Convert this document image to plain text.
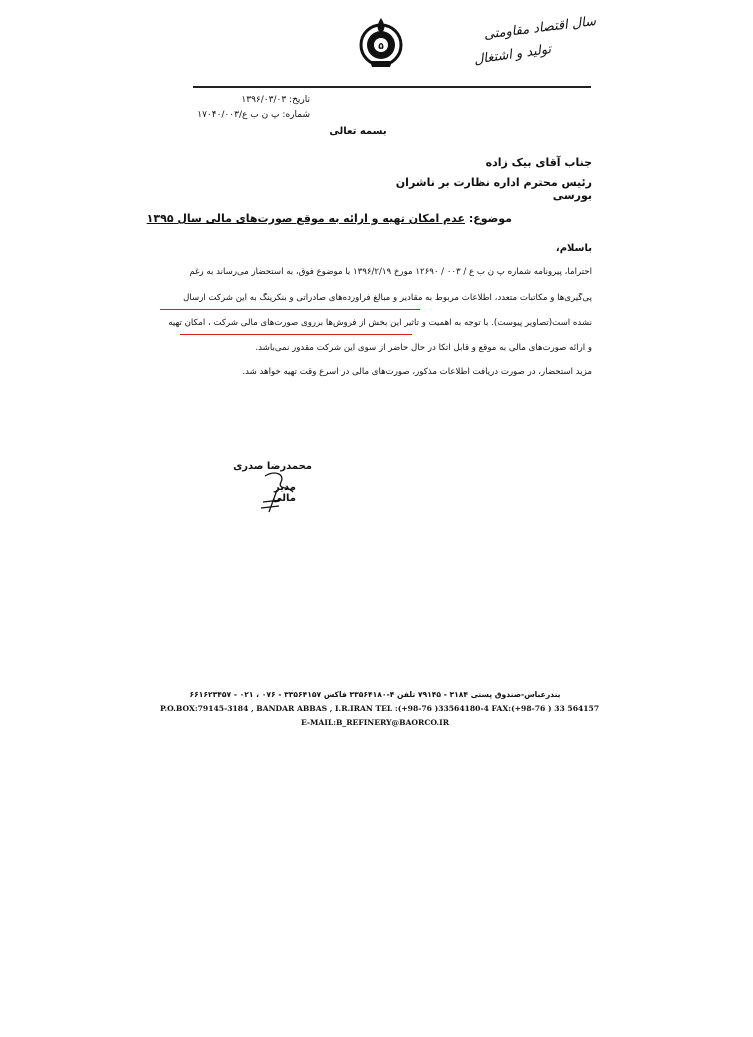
سال اقتصاد مقاومتی
تولید و اشتغال
۵
تاریخ: ۱۳۹۶/۰۳/۰۳
شماره: پ ن ب ع/۱۷۰۴۰/۰۰۳
بسمه تعالی
جناب آقای بیک زاده
رئیس محترم اداره نظارت بر ناشران بورسی
موضوع: عدم امکان تهیه و ارائه به موقع صورت‌های مالی سال ۱۳۹۵
باسلام،
احتراماً، پیرونامه شماره پ ن ب ع / ۰۰۳ / ۱۲۶۹۰ مورخ ۱۳۹۶/۲/۱۹ با موضوع فوق، به استحضار می‌رساند به رغم
پی‌گیری‌ها و مکاتبات متعدد، اطلاعات مربوط به مقادیر و مبالغ فرآورده‌های صادراتی و بنکرینگ به این شرکت ارسال
نشده است(تصاویر پیوست). با توجه به اهمیت و تأثیر این بخش از فروش‌ها برروی صورت‌های مالی شرکت ، امکان تهیه
و ارائه صورت‌های مالی به موقع و قابل اتکا در حال حاضر از سوی این شرکت مقدور نمی‌باشد.
مزید استحضار، در صورت دریافت اطلاعات مذکور، صورت‌های مالی در اسرع وقت تهیه خواهد شد.
محمدرضا صدری
مدیر مالی
بندرعباس-صندوق پستی ۳۱۸۴ - ۷۹۱۴۵ تلفن ۴-۳۳۵۶۴۱۸۰ فاکس ۳۳۵۶۴۱۵۷ - ۰۷۶ ، ۰۲۱ - ۶۶۱۶۲۳۴۵۷
P.O.BOX:79145-3184 , BANDAR ABBAS , I.R.IRAN TEL :(+98-76 )33564180-4 FAX:(+98-76 ) 33 564157
E-MAIL:B_REFINERY@BAORCO.IR
